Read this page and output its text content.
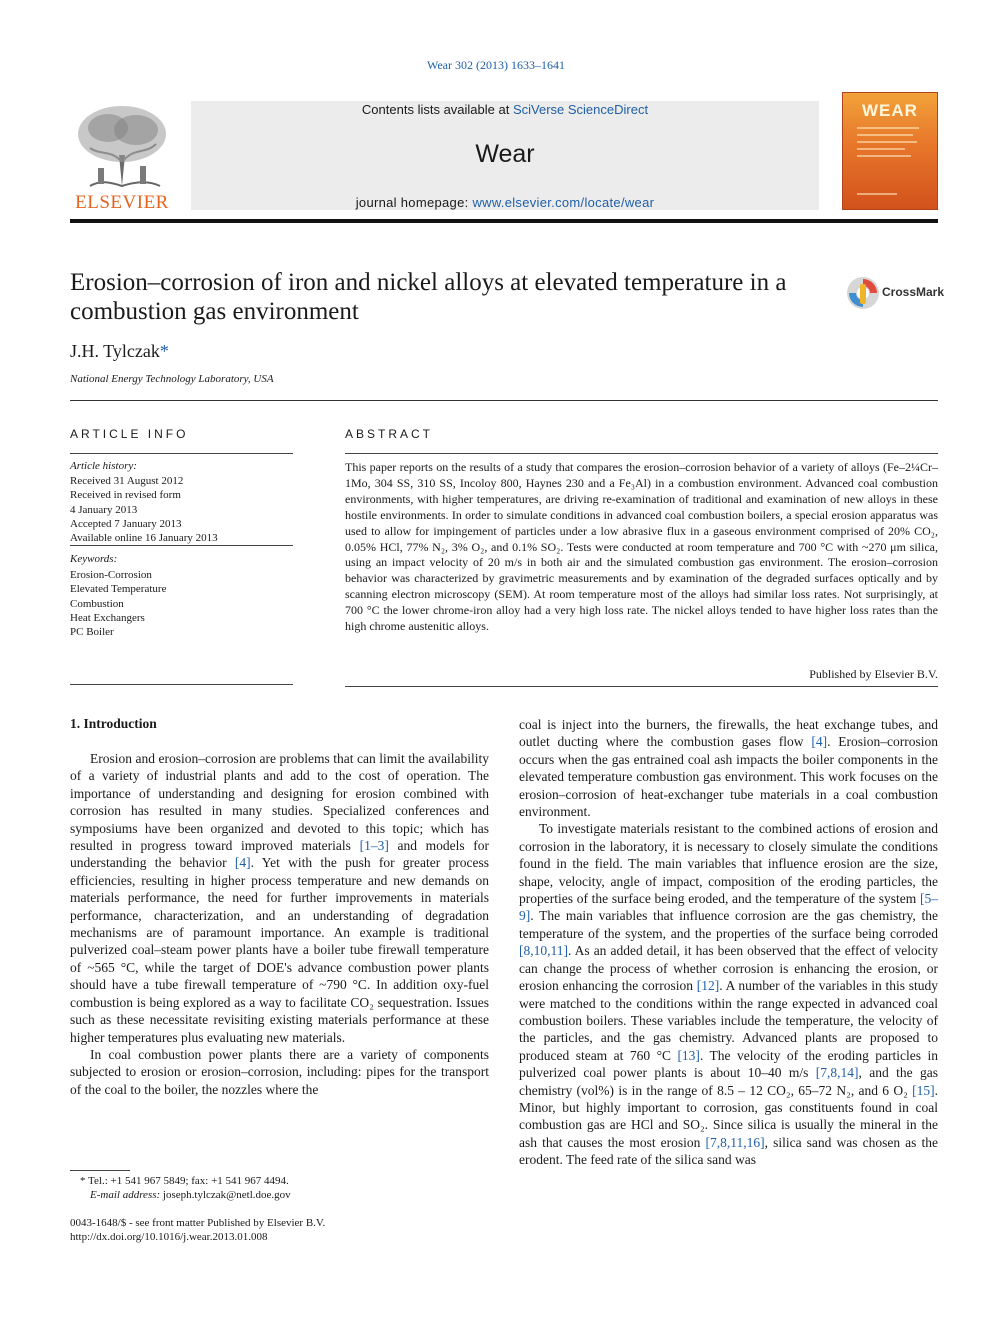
Wear 302 (2013) 1633–1641
ELSEVIER
Contents lists available at SciVerse ScienceDirect
Wear
journal homepage: www.elsevier.com/locate/wear
WEAR
Erosion–corrosion of iron and nickel alloys at elevated temperature in a combustion gas environment
CrossMark
J.H. Tylczak*
National Energy Technology Laboratory, USA
ARTICLE INFO
Article history:
Received 31 August 2012
Received in revised form
4 January 2013
Accepted 7 January 2013
Available online 16 January 2013
Keywords:
Erosion-Corrosion
Elevated Temperature
Combustion
Heat Exchangers
PC Boiler
ABSTRACT

This paper reports on the results of a study that compares the erosion–corrosion behavior of a variety of alloys (Fe–2¼Cr–1Mo, 304 SS, 310 SS, Incoloy 800, Haynes 230 and a Fe₃Al) in a combustion environment. Advanced coal combustion environments, with higher temperatures, are driving re-examination of traditional and examination of new alloys in these hostile environments. In order to simulate conditions in advanced coal combustion boilers, a special erosion apparatus was used to allow for impingement of particles under a low abrasive flux in a gaseous environment comprised of 20% CO₂, 0.05% HCl, 77% N₂, 3% O₂, and 0.1% SO₂. Tests were conducted at room temperature and 700 °C with ~270 μm silica, using an impact velocity of 20 m/s in both air and the simulated combustion gas environment. The erosion–corrosion behavior was characterized by gravimetric measurements and by examination of the degraded surfaces optically and by scanning electron microscopy (SEM). At room temperature most of the alloys had similar loss rates. Not surprisingly, at 700 °C the lower chrome-iron alloy had a very high loss rate. The nickel alloys tended to have higher loss rates than the high chrome austenitic alloys.

Published by Elsevier B.V.
1. Introduction

Erosion and erosion–corrosion are problems that can limit the availability of a variety of industrial plants and add to the cost of operation. The importance of understanding and designing for erosion combined with corrosion has resulted in many studies. Specialized conferences and symposiums have been organized and devoted to this topic; which has resulted in progress toward improved materials [1–3] and models for understanding the behavior [4]. Yet with the push for greater process efficiencies, resulting in higher process temperature and new demands on materials performance, the need for further improvements in materials performance, characterization, and an understanding of degradation mechanisms are of paramount importance. An example is traditional pulverized coal–steam power plants have a boiler tube firewall temperature of ~565 °C, while the target of DOE's advance combustion power plants should have a tube firewall temperature of ~790 °C. In addition oxy-fuel combustion is being explored as a way to facilitate CO₂ sequestration. Issues such as these necessitate revisiting existing materials performance at these higher temperatures plus evaluating new materials.

In coal combustion power plants there are a variety of components subjected to erosion or erosion–corrosion, including: pipes for the transport of the coal to the boiler, the nozzles where the

coal is inject into the burners, the firewalls, the heat exchange tubes, and outlet ducting where the combustion gases flow [4]. Erosion–corrosion occurs when the gas entrained coal ash impacts the boiler components in the elevated temperature combustion gas environment. This work focuses on the erosion–corrosion of heat-exchanger tube materials in a coal combustion environment.

To investigate materials resistant to the combined actions of erosion and corrosion in the laboratory, it is necessary to closely simulate the conditions found in the field. The main variables that influence erosion are the size, shape, velocity, angle of impact, composition of the eroding particles, the properties of the surface being eroded, and the temperature of the system [5–9]. The main variables that influence corrosion are the gas chemistry, the temperature of the system, and the properties of the surface being corroded [8,10,11]. As an added detail, it has been observed that the effect of velocity can change the process of whether corrosion is enhancing the erosion, or erosion enhancing the corrosion [12]. A number of the variables in this study were matched to the conditions within the range expected in advanced coal combustion boilers. These variables include the temperature, the velocity of the particles, and the gas chemistry. Advanced plants are proposed to produced steam at 760 °C [13]. The velocity of the eroding particles in pulverized coal power plants is about 10–40 m/s [7,8,14], and the gas chemistry (vol%) is in the range of 8.5 – 12 CO₂, 65–72 N₂, and 6 O₂ [15]. Minor, but highly important to corrosion, gas constituents found in coal combustion gas are HCl and SO₂. Since silica is usually the mineral in the ash that causes the most erosion [7,8,11,16], silica sand was chosen as the erodent. The feed rate of the silica sand was

* Tel.: +1 541 967 5849; fax: +1 541 967 4494.
E-mail address: joseph.tylczak@netl.doe.gov
0043-1648/$ - see front matter Published by Elsevier B.V.
http://dx.doi.org/10.1016/j.wear.2013.01.008
